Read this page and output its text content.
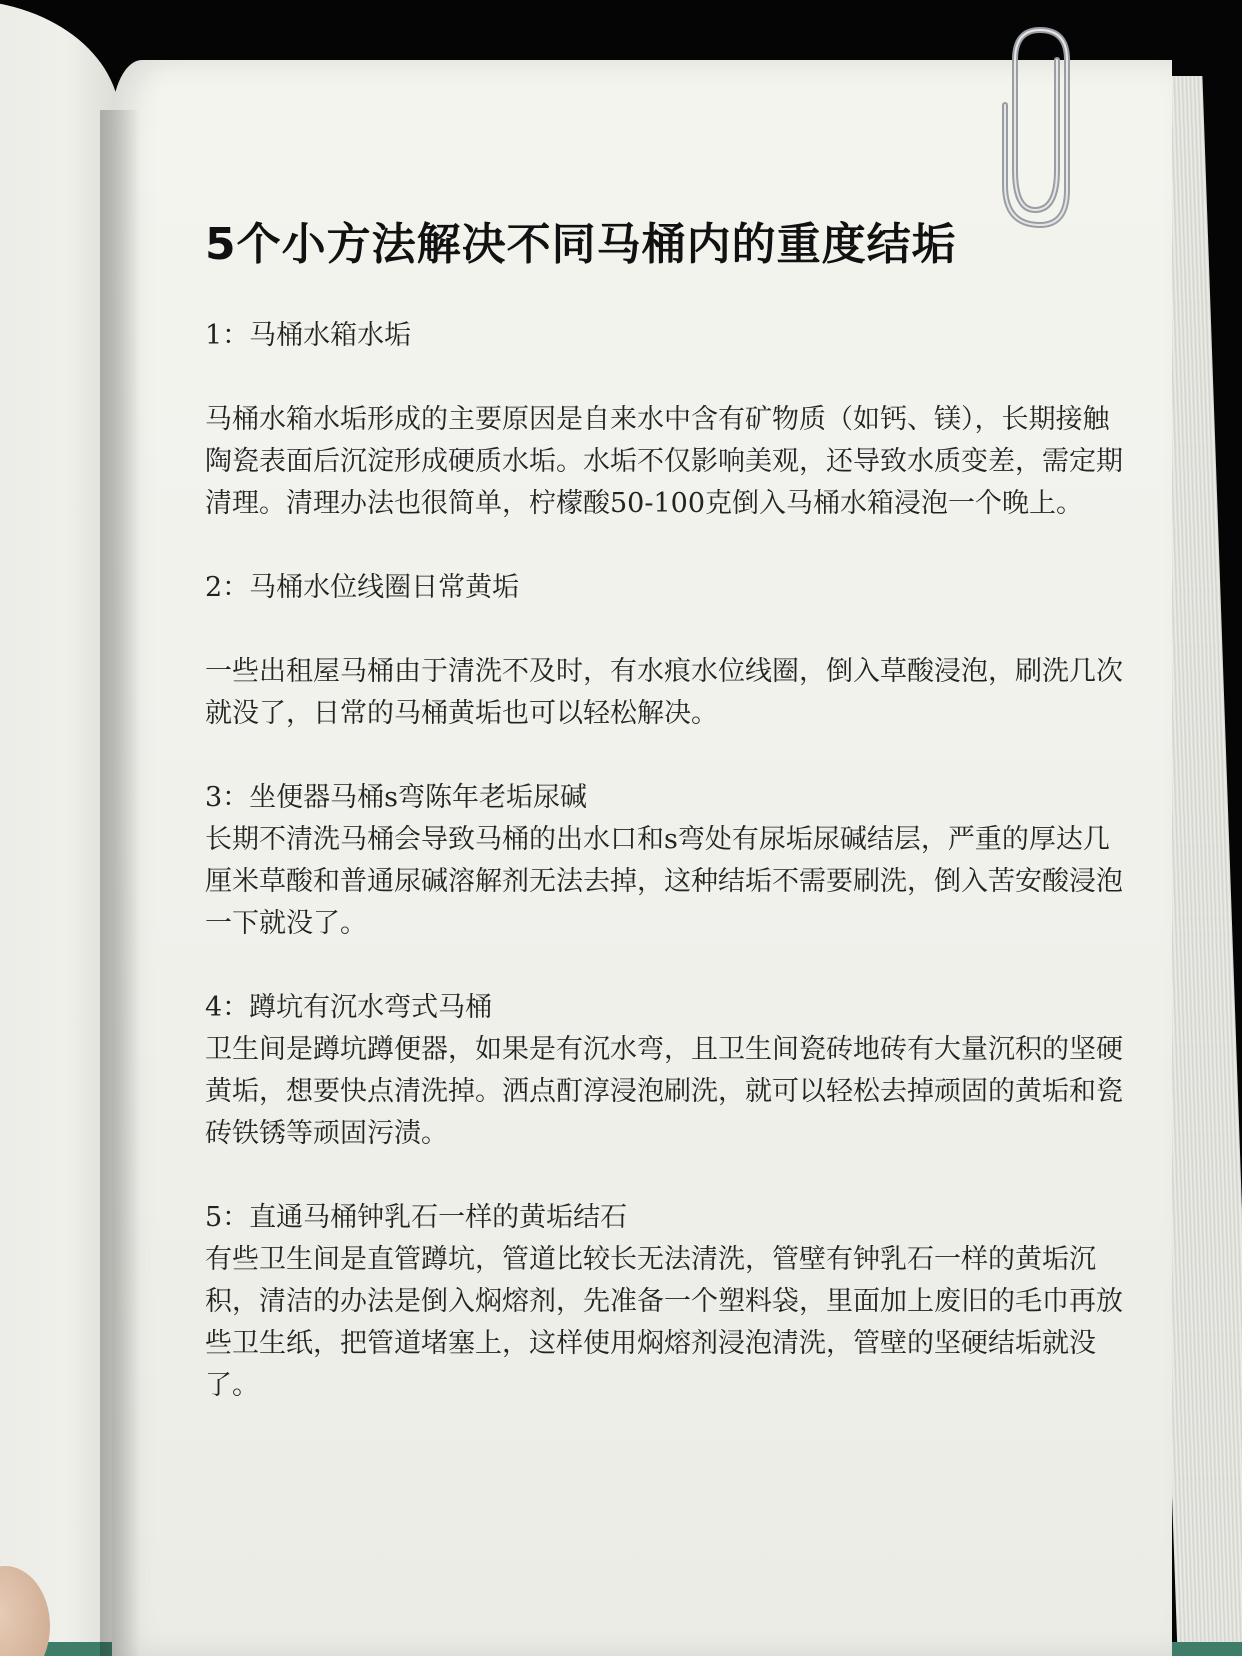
5个小方法解决不同马桶内的重度结垢

1：马桶水箱水垢

马桶水箱水垢形成的主要原因是自来水中含有矿物质（如钙、镁），长期接触陶瓷表面后沉淀形成硬质水垢。水垢不仅影响美观，还导致水质变差，需定期清理。清理办法也很简单，柠檬酸50-100克倒入马桶水箱浸泡一个晚上。

2：马桶水位线圈日常黄垢

一些出租屋马桶由于清洗不及时，有水痕水位线圈，倒入草酸浸泡，刷洗几次就没了，日常的马桶黄垢也可以轻松解决。

3：坐便器马桶s弯陈年老垢尿碱

长期不清洗马桶会导致马桶的出水口和s弯处有尿垢尿碱结层，严重的厚达几厘米草酸和普通尿碱溶解剂无法去掉，这种结垢不需要刷洗，倒入苦安酸浸泡一下就没了。

4：蹲坑有沉水弯式马桶

卫生间是蹲坑蹲便器，如果是有沉水弯，且卫生间瓷砖地砖有大量沉积的坚硬黄垢，想要快点清洗掉。洒点酊淳浸泡刷洗，就可以轻松去掉顽固的黄垢和瓷砖铁锈等顽固污渍。

5：直通马桶钟乳石一样的黄垢结石

有些卫生间是直管蹲坑，管道比较长无法清洗，管壁有钟乳石一样的黄垢沉积，清洁的办法是倒入焖熔剂，先准备一个塑料袋，里面加上废旧的毛巾再放些卫生纸，把管道堵塞上，这样使用焖熔剂浸泡清洗，管壁的坚硬结垢就没了。
